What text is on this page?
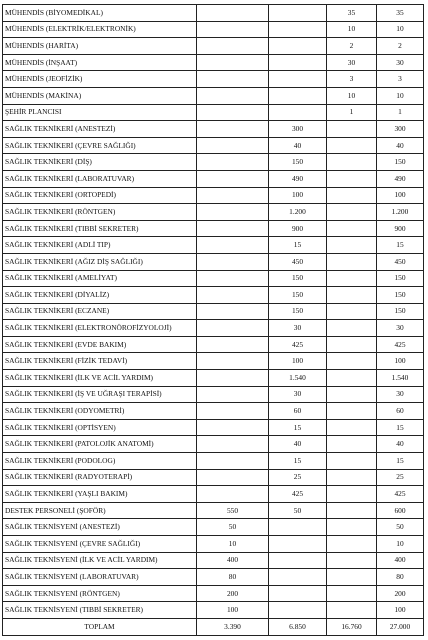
MÜHENDİS (BİYOMEDİKAL)			35	35
MÜHENDİS (ELEKTRİK/ELEKTRONİK)			10	10
MÜHENDİS (HARİTA)			2	2
MÜHENDİS (İNŞAAT)			30	30
MÜHENDİS (JEOFİZİK)			3	3
MÜHENDİS (MAKİNA)			10	10
ŞEHİR PLANCISI			1	1
SAĞLIK TEKNİKERİ (ANESTEZİ)		300		300
SAĞLIK TEKNİKERİ (ÇEVRE SAĞLIĞI)		40		40
SAĞLIK TEKNİKERİ (DİŞ)		150		150
SAĞLIK TEKNİKERİ (LABORATUVAR)		490		490
SAĞLIK TEKNİKERİ (ORTOPEDİ)		100		100
SAĞLIK TEKNİKERİ (RÖNTGEN)		1.200		1.200
SAĞLIK TEKNİKERİ (TIBBİ SEKRETER)		900		900
SAĞLIK TEKNİKERİ (ADLİ TIP)		15		15
SAĞLIK TEKNİKERİ (AĞIZ DİŞ SAĞLIĞI)		450		450
SAĞLIK TEKNİKERİ (AMELİYAT)		150		150
SAĞLIK TEKNİKERİ (DİYALİZ)		150		150
SAĞLIK TEKNİKERİ (ECZANE)		150		150
SAĞLIK TEKNİKERİ (ELEKTRONÖROFİZYOLOJİ)		30		30
SAĞLIK TEKNİKERİ (EVDE BAKIM)		425		425
SAĞLIK TEKNİKERİ (FİZİK TEDAVİ)		100		100
SAĞLIK TEKNİKERİ (İLK VE ACİL YARDIM)		1.540		1.540
SAĞLIK TEKNİKERİ (İŞ VE UĞRAŞI TERAPİSİ)		30		30
SAĞLIK TEKNİKERİ (ODYOMETRİ)		60		60
SAĞLIK TEKNİKERİ (OPTİSYEN)		15		15
SAĞLIK TEKNİKERİ (PATOLOJİK ANATOMİ)		40		40
SAĞLIK TEKNİKERİ (PODOLOG)		15		15
SAĞLIK TEKNİKERİ (RADYOTERAPİ)		25		25
SAĞLIK TEKNİKERİ (YAŞLI BAKIM)		425		425
DESTEK PERSONELİ (ŞOFÖR)	550	50		600
SAĞLIK TEKNİSYENİ (ANESTEZİ)	50			50
SAĞLIK TEKNİSYENİ (ÇEVRE SAĞLIĞI)	10			10
SAĞLIK TEKNİSYENİ (İLK VE ACİL YARDIM)	400			400
SAĞLIK TEKNİSYENİ (LABORATUVAR)	80			80
SAĞLIK TEKNİSYENİ (RÖNTGEN)	200			200
SAĞLIK TEKNİSYENİ (TIBBİ SEKRETER)	100			100
TOPLAM	3.390	6.850	16.760	27.000
